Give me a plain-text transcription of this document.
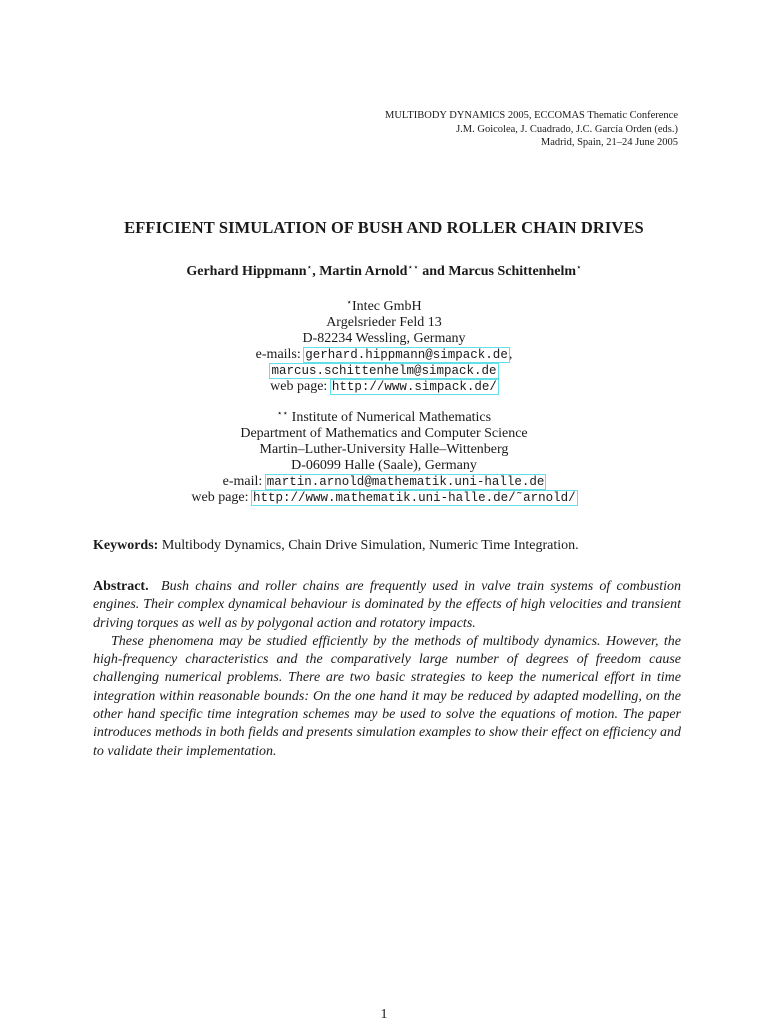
MULTIBODY DYNAMICS 2005, ECCOMAS Thematic Conference
J.M. Goicolea, J. Cuadrado, J.C. García Orden (eds.)
Madrid, Spain, 21–24 June 2005
EFFICIENT SIMULATION OF BUSH AND ROLLER CHAIN DRIVES
Gerhard Hippmann⋆, Martin Arnold⋆⋆ and Marcus Schittenhelm⋆
⋆Intec GmbH
Argelsrieder Feld 13
D-82234 Wessling, Germany
e-mails: gerhard.hippmann@simpack.de,
marcus.schittenhelm@simpack.de
web page: http://www.simpack.de/
⋆⋆ Institute of Numerical Mathematics
Department of Mathematics and Computer Science
Martin–Luther-University Halle–Wittenberg
D-06099 Halle (Saale), Germany
e-mail: martin.arnold@mathematik.uni-halle.de
web page: http://www.mathematik.uni-halle.de/˜arnold/
Keywords: Multibody Dynamics, Chain Drive Simulation, Numeric Time Integration.

Abstract. Bush chains and roller chains are frequently used in valve train systems of combustion engines. Their complex dynamical behaviour is dominated by the effects of high velocities and transient driving torques as well as by polygonal action and rotatory impacts.

These phenomena may be studied efficiently by the methods of multibody dynamics. However, the high-frequency characteristics and the comparatively large number of degrees of freedom cause challenging numerical problems. There are two basic strategies to keep the numerical effort in time integration within reasonable bounds: On the one hand it may be reduced by adapted modelling, on the other hand specific time integration schemes may be used to solve the equations of motion. The paper introduces methods in both fields and presents simulation examples to show their effect on efficiency and to validate their implementation.

1
